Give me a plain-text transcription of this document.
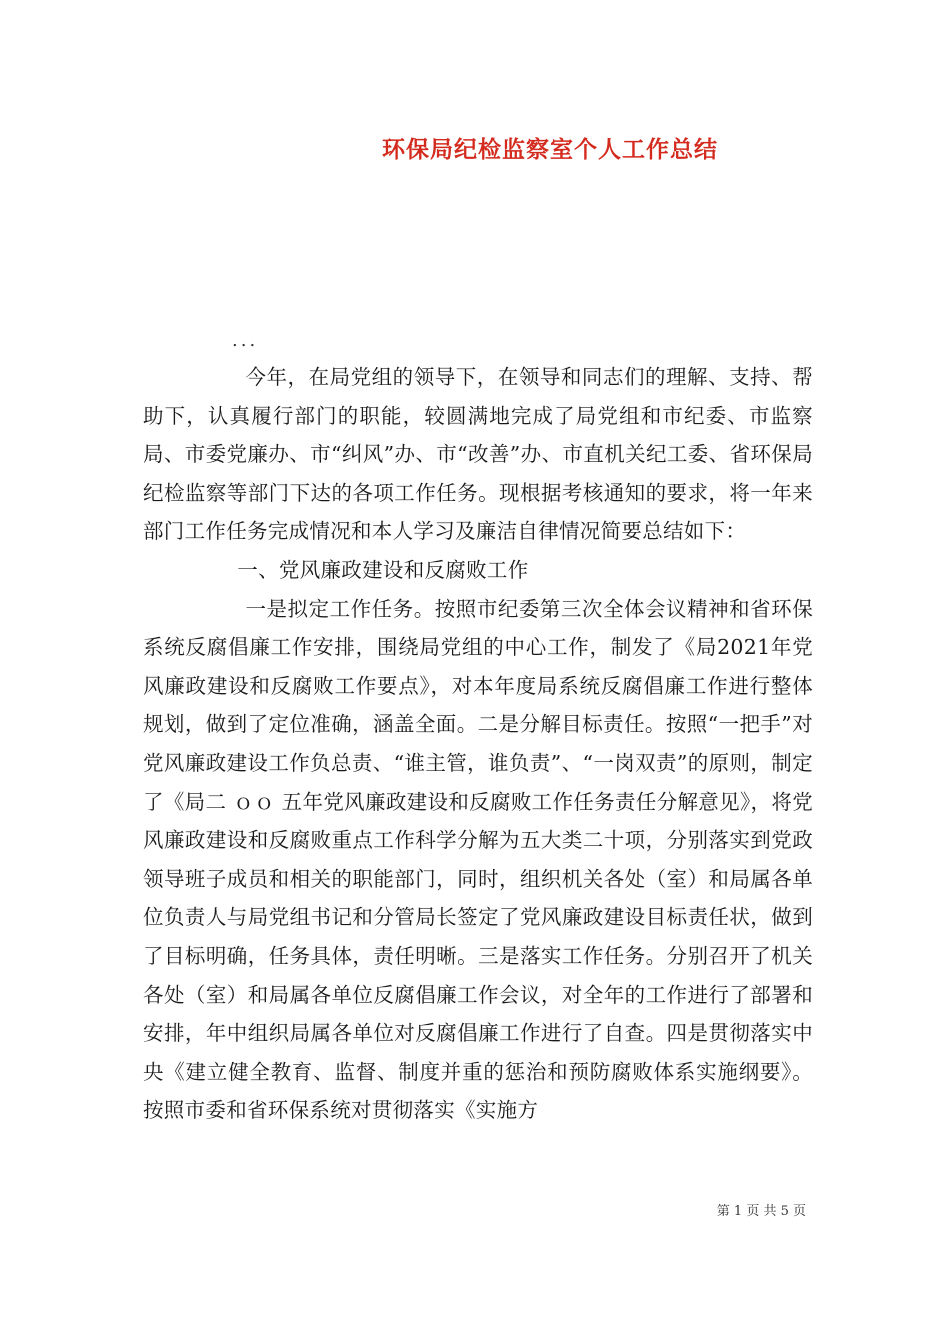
环保局纪检监察室个人工作总结
...

今年，在局党组的领导下，在领导和同志们的理解、支持、帮助下，认真履行部门的职能，较圆满地完成了局党组和市纪委、市监察局、市委党廉办、市“纠风”办、市“改善”办、市直机关纪工委、省环保局纪检监察等部门下达的各项工作任务。现根据考核通知的要求，将一年来部门工作任务完成情况和本人学习及廉洁自律情况简要总结如下：

一、党风廉政建设和反腐败工作

一是拟定工作任务。按照市纪委第三次全体会议精神和省环保系统反腐倡廉工作安排，围绕局党组的中心工作，制发了《局2021年党风廉政建设和反腐败工作要点》，对本年度局系统反腐倡廉工作进行整体规划，做到了定位准确，涵盖全面。二是分解目标责任。按照“一把手”对党风廉政建设工作负总责、“谁主管，谁负责”、“一岗双责”的原则，制定了《局二 ｏｏ 五年党风廉政建设和反腐败工作任务责任分解意见》，将党风廉政建设和反腐败重点工作科学分解为五大类二十项，分别落实到党政领导班子成员和相关的职能部门，同时，组织机关各处（室）和局属各单位负责人与局党组书记和分管局长签定了党风廉政建设目标责任状，做到了目标明确，任务具体，责任明晰。三是落实工作任务。分别召开了机关各处（室）和局属各单位反腐倡廉工作会议，对全年的工作进行了部署和安排，年中组织局属各单位对反腐倡廉工作进行了自查。四是贯彻落实中央《建立健全教育、监督、制度并重的惩治和预防腐败体系实施纲要》。按照市委和省环保系统对贯彻落实《实施方

第 1 页 共 5 页
